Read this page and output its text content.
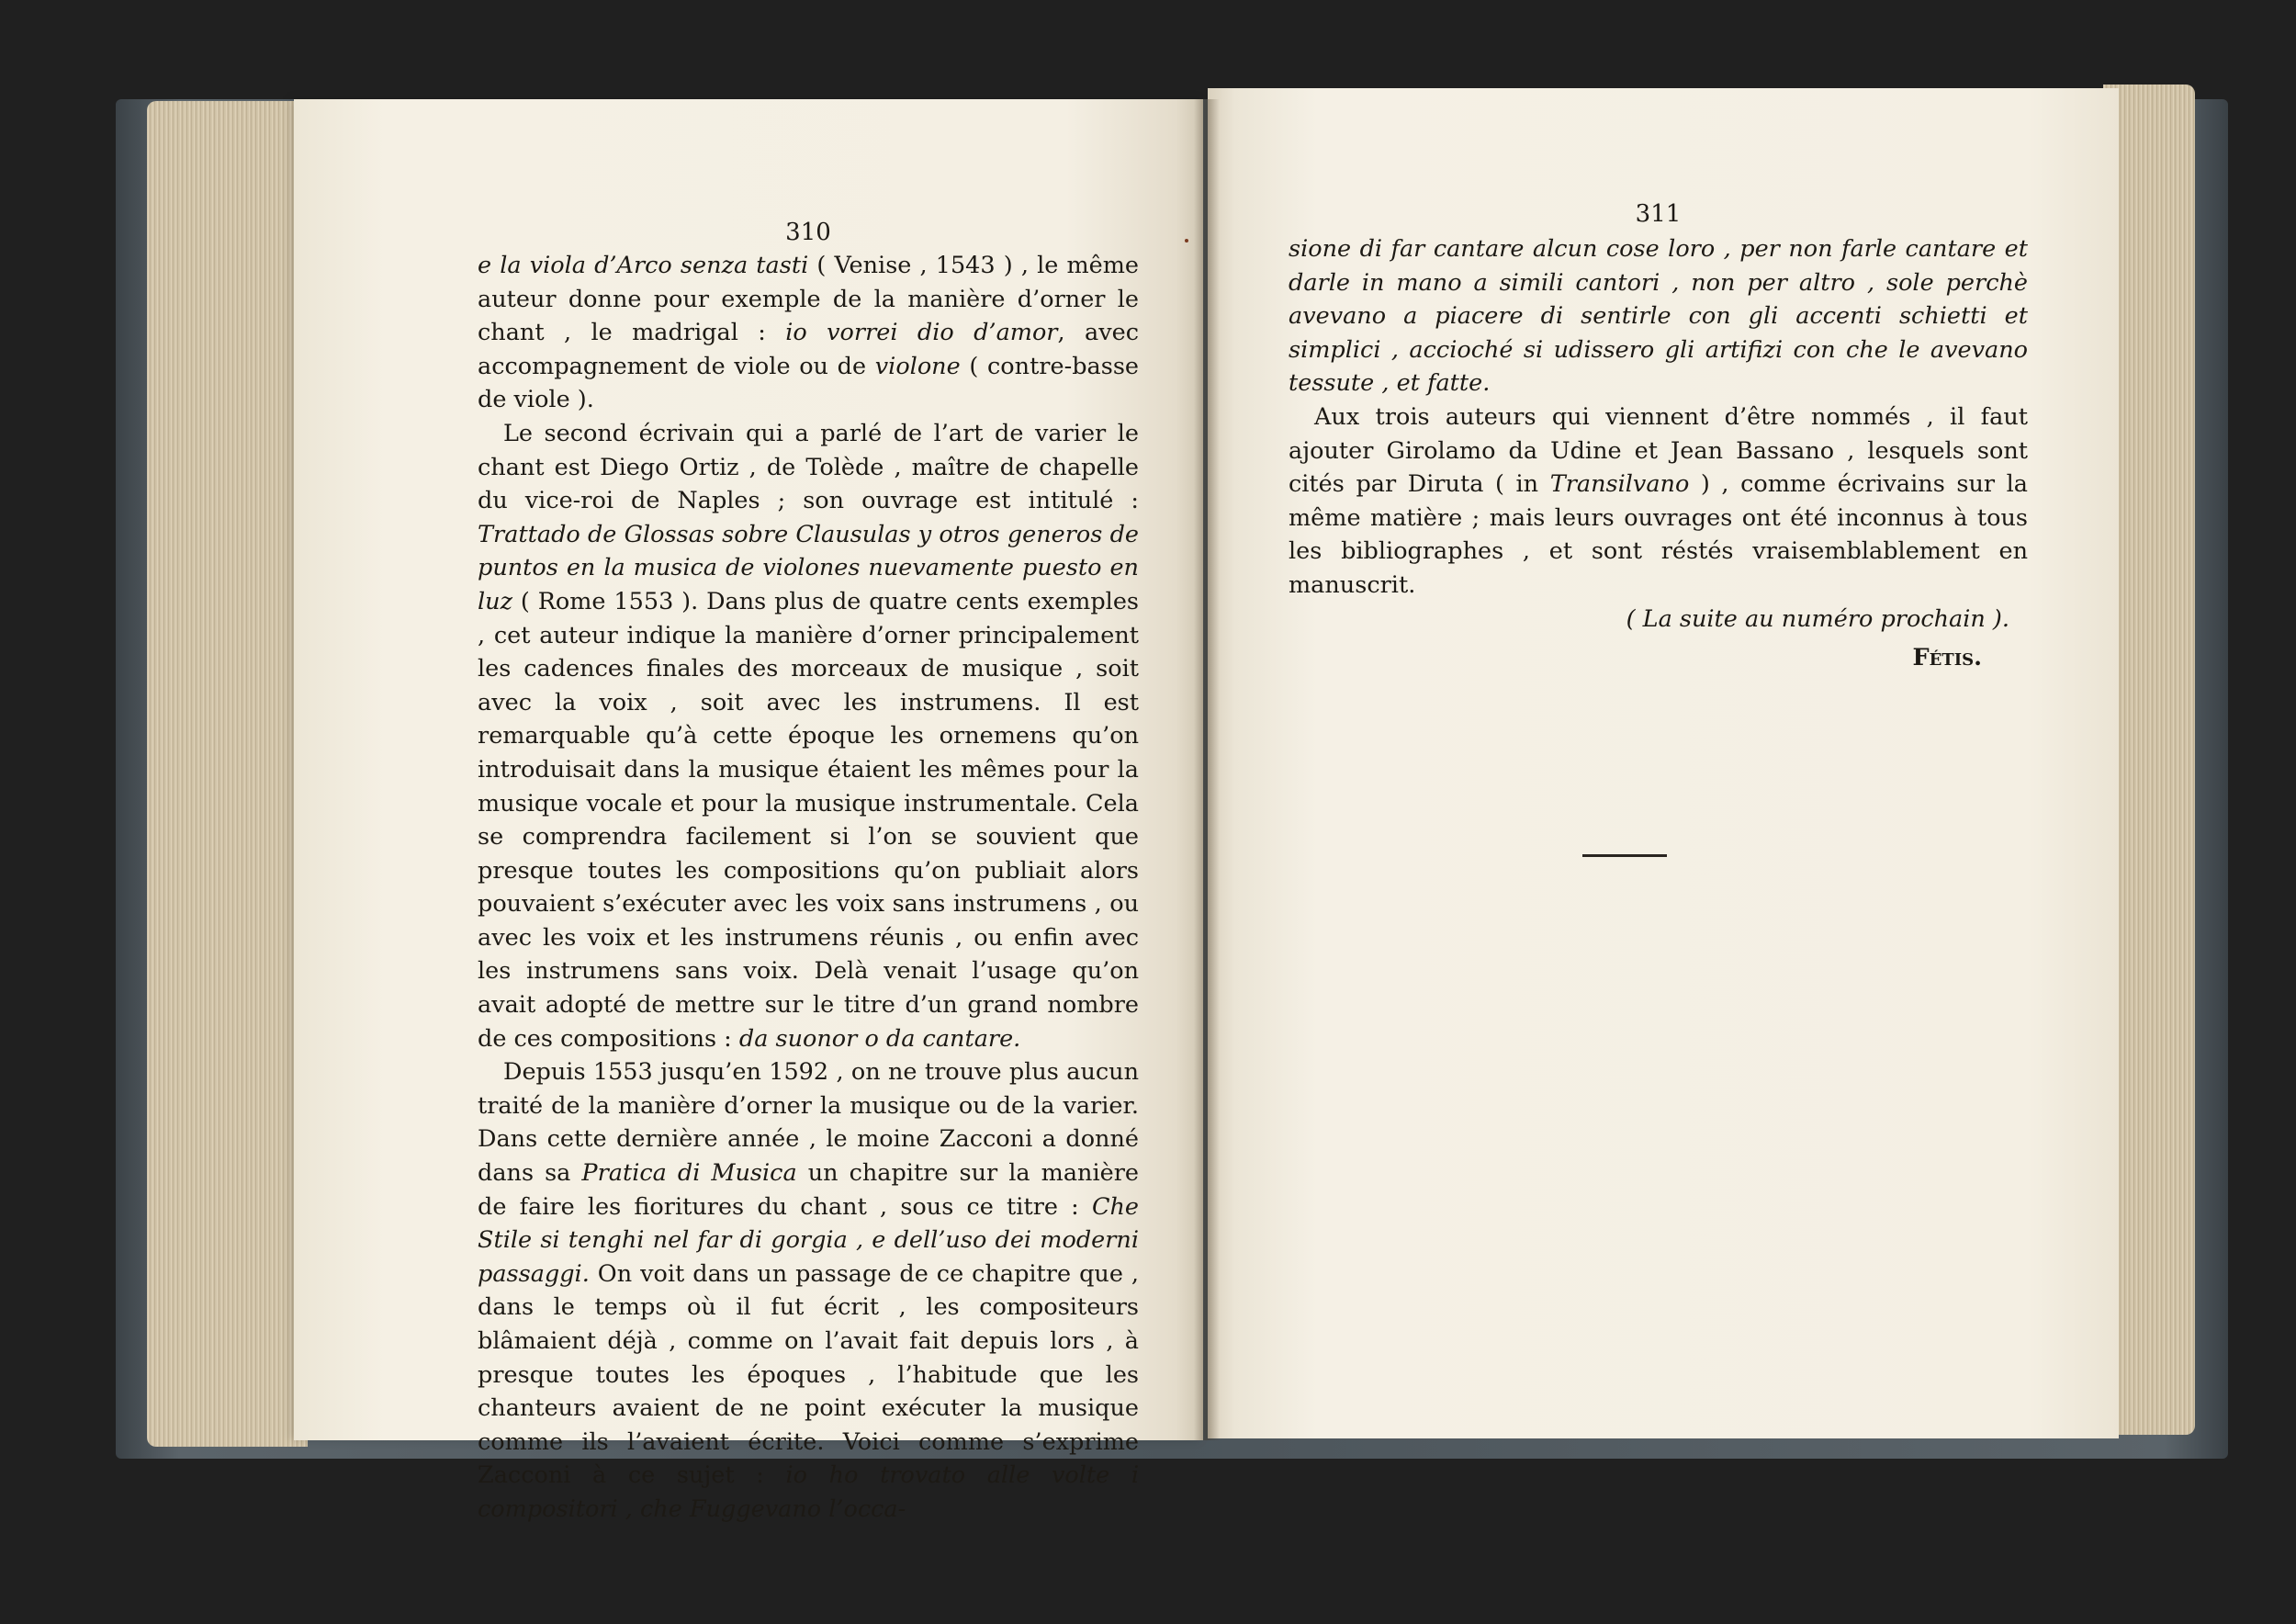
310

e la viola d’Arco senza tasti ( Venise , 1543 ) , le même auteur donne pour exemple de la manière d’orner le chant , le madrigal : io vorrei dio d’amor, avec accompagnement de viole ou de violone ( contre-basse de viole ).

Le second écrivain qui a parlé de l’art de varier le chant est Diego Ortiz , de Tolède , maître de chapelle du vice-roi de Naples ; son ouvrage est intitulé : Trattado de Glossas sobre Clausulas y otros generos de puntos en la musica de violones nuevamente puesto en luz ( Rome 1553 ). Dans plus de quatre cents exemples , cet auteur indique la manière d’orner principalement les cadences finales des morceaux de musique , soit avec la voix , soit avec les instrumens. Il est remarquable qu’à cette époque les ornemens qu’on introduisait dans la musique étaient les mêmes pour la musique vocale et pour la musique instrumentale. Cela se comprendra facilement si l’on se souvient que presque toutes les compositions qu’on publiait alors pouvaient s’exécuter avec les voix sans instrumens , ou avec les voix et les instrumens réunis , ou enfin avec les instrumens sans voix. Delà venait l’usage qu’on avait adopté de mettre sur le titre d’un grand nombre de ces compositions : da suonor o da cantare.

Depuis 1553 jusqu’en 1592 , on ne trouve plus aucun traité de la manière d’orner la musique ou de la varier. Dans cette dernière année , le moine Zacconi a donné dans sa Pratica di Musica un chapitre sur la manière de faire les fioritures du chant , sous ce titre : Che Stile si tenghi nel far di gorgia , e dell’uso dei moderni passaggi. On voit dans un passage de ce chapitre que , dans le temps où il fut écrit , les compositeurs blâmaient déjà , comme on l’avait fait depuis lors , à presque toutes les époques , l’habitude que les chanteurs avaient de ne point exécuter la musique comme ils l’avaient écrite. Voici comme s’exprime Zacconi à ce sujet : io ho trovato alle volte i compositori , che Fuggevano l’occa-

311

sione di far cantare alcun cose loro , per non farle cantare et darle in mano a simili cantori , non per altro , sole perchè avevano a piacere di sentirle con gli accenti schietti et simplici , accioché si udissero gli artifizi con che le avevano tessute , et fatte.

Aux trois auteurs qui viennent d’être nommés , il faut ajouter Girolamo da Udine et Jean Bassano , lesquels sont cités par Diruta ( in Transilvano ) , comme écrivains sur la même matière ; mais leurs ouvrages ont été inconnus à tous les bibliographes , et sont réstés vraisemblablement en manuscrit.

( La suite au numéro prochain ).

Fétis.
